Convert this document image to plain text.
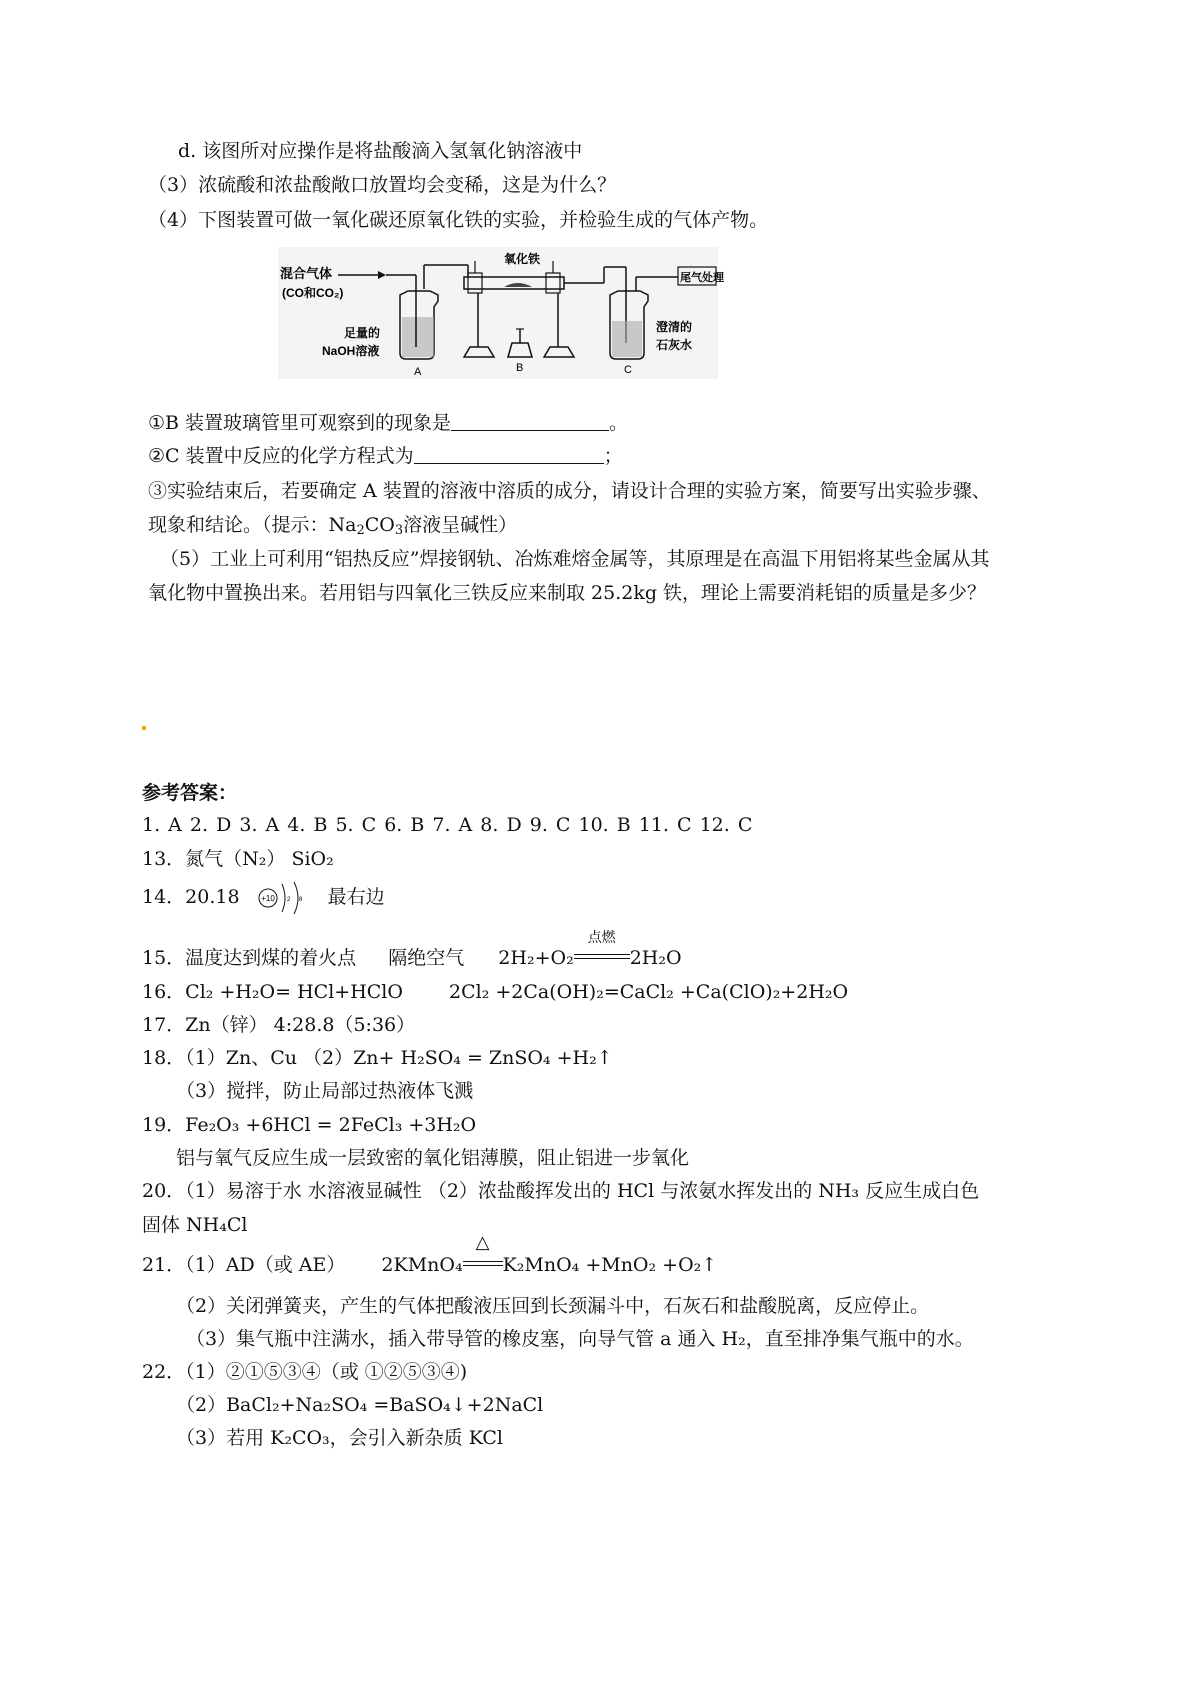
d. 该图所对应操作是将盐酸滴入氢氧化钠溶液中
（3）浓硫酸和浓盐酸敞口放置均会变稀，这是为什么？
（4）下图装置可做一氧化碳还原氧化铁的实验，并检验生成的气体产物。
混合气体
(CO和CO₂)
足量的
NaOH溶液
A
氧化铁
B
尾气处理
澄清的
石灰水
C
①B 装置玻璃管里可观察到的现象是	。
②C 装置中反应的化学方程式为	；
③实验结束后，若要确定 A 装置的溶液中溶质的成分，请设计合理的实验方案，简要写出实验步骤、
现象和结论。（提示：$Na_2CO_3$溶液呈碱性）
（5）工业上可利用“铝热反应”焊接钢轨、冶炼难熔金属等，其原理是在高温下用铝将某些金属从其
氧化物中置换出来。若用铝与四氧化三铁反应来制取 25.2kg 铁，理论上需要消耗铝的质量是多少？
参考答案：
1. A 2. D 3. A 4. B 5. C 6. B 7. A 8. D 9. C 10. B 11. C 12. C
13．氮气（N₂） SiO₂
14．20.18	+10 2 8 最右边
15．温度达到煤的着火点 隔绝空气 2H₂+O₂
点燃
2H₂O
16．Cl₂ +H₂O= HCl+HClO 2Cl₂ +2Ca(OH)₂=CaCl₂ +Ca(ClO)₂+2H₂O
17．Zn（锌） 4:28.8（5:36）
18．（1）Zn、Cu （2）Zn+ H₂SO₄ = ZnSO₄ +H₂↑
（3）搅拌，防止局部过热液体飞溅
19．Fe₂O₃ +6HCl = 2FeCl₃ +3H₂O
铝与氧气反应生成一层致密的氧化铝薄膜，阻止铝进一步氧化
20．（1）易溶于水 水溶液显碱性 （2）浓盐酸挥发出的 HCl 与浓氨水挥发出的 NH₃ 反应生成白色
固体 NH₄Cl
21．（1）AD（或 AE） 2KMnO₄
△
K₂MnO₄ +MnO₂ +O₂↑
（2）关闭弹簧夹，产生的气体把酸液压回到长颈漏斗中，石灰石和盐酸脱离，反应停止。
（3）集气瓶中注满水，插入带导管的橡皮塞，向导气管 a 通入 H₂，直至排净集气瓶中的水。
22．（1）②①⑤③④（或 ①②⑤③④)
（2）BaCl₂+Na₂SO₄ =BaSO₄↓+2NaCl
（3）若用 K₂CO₃，会引入新杂质 KCl
